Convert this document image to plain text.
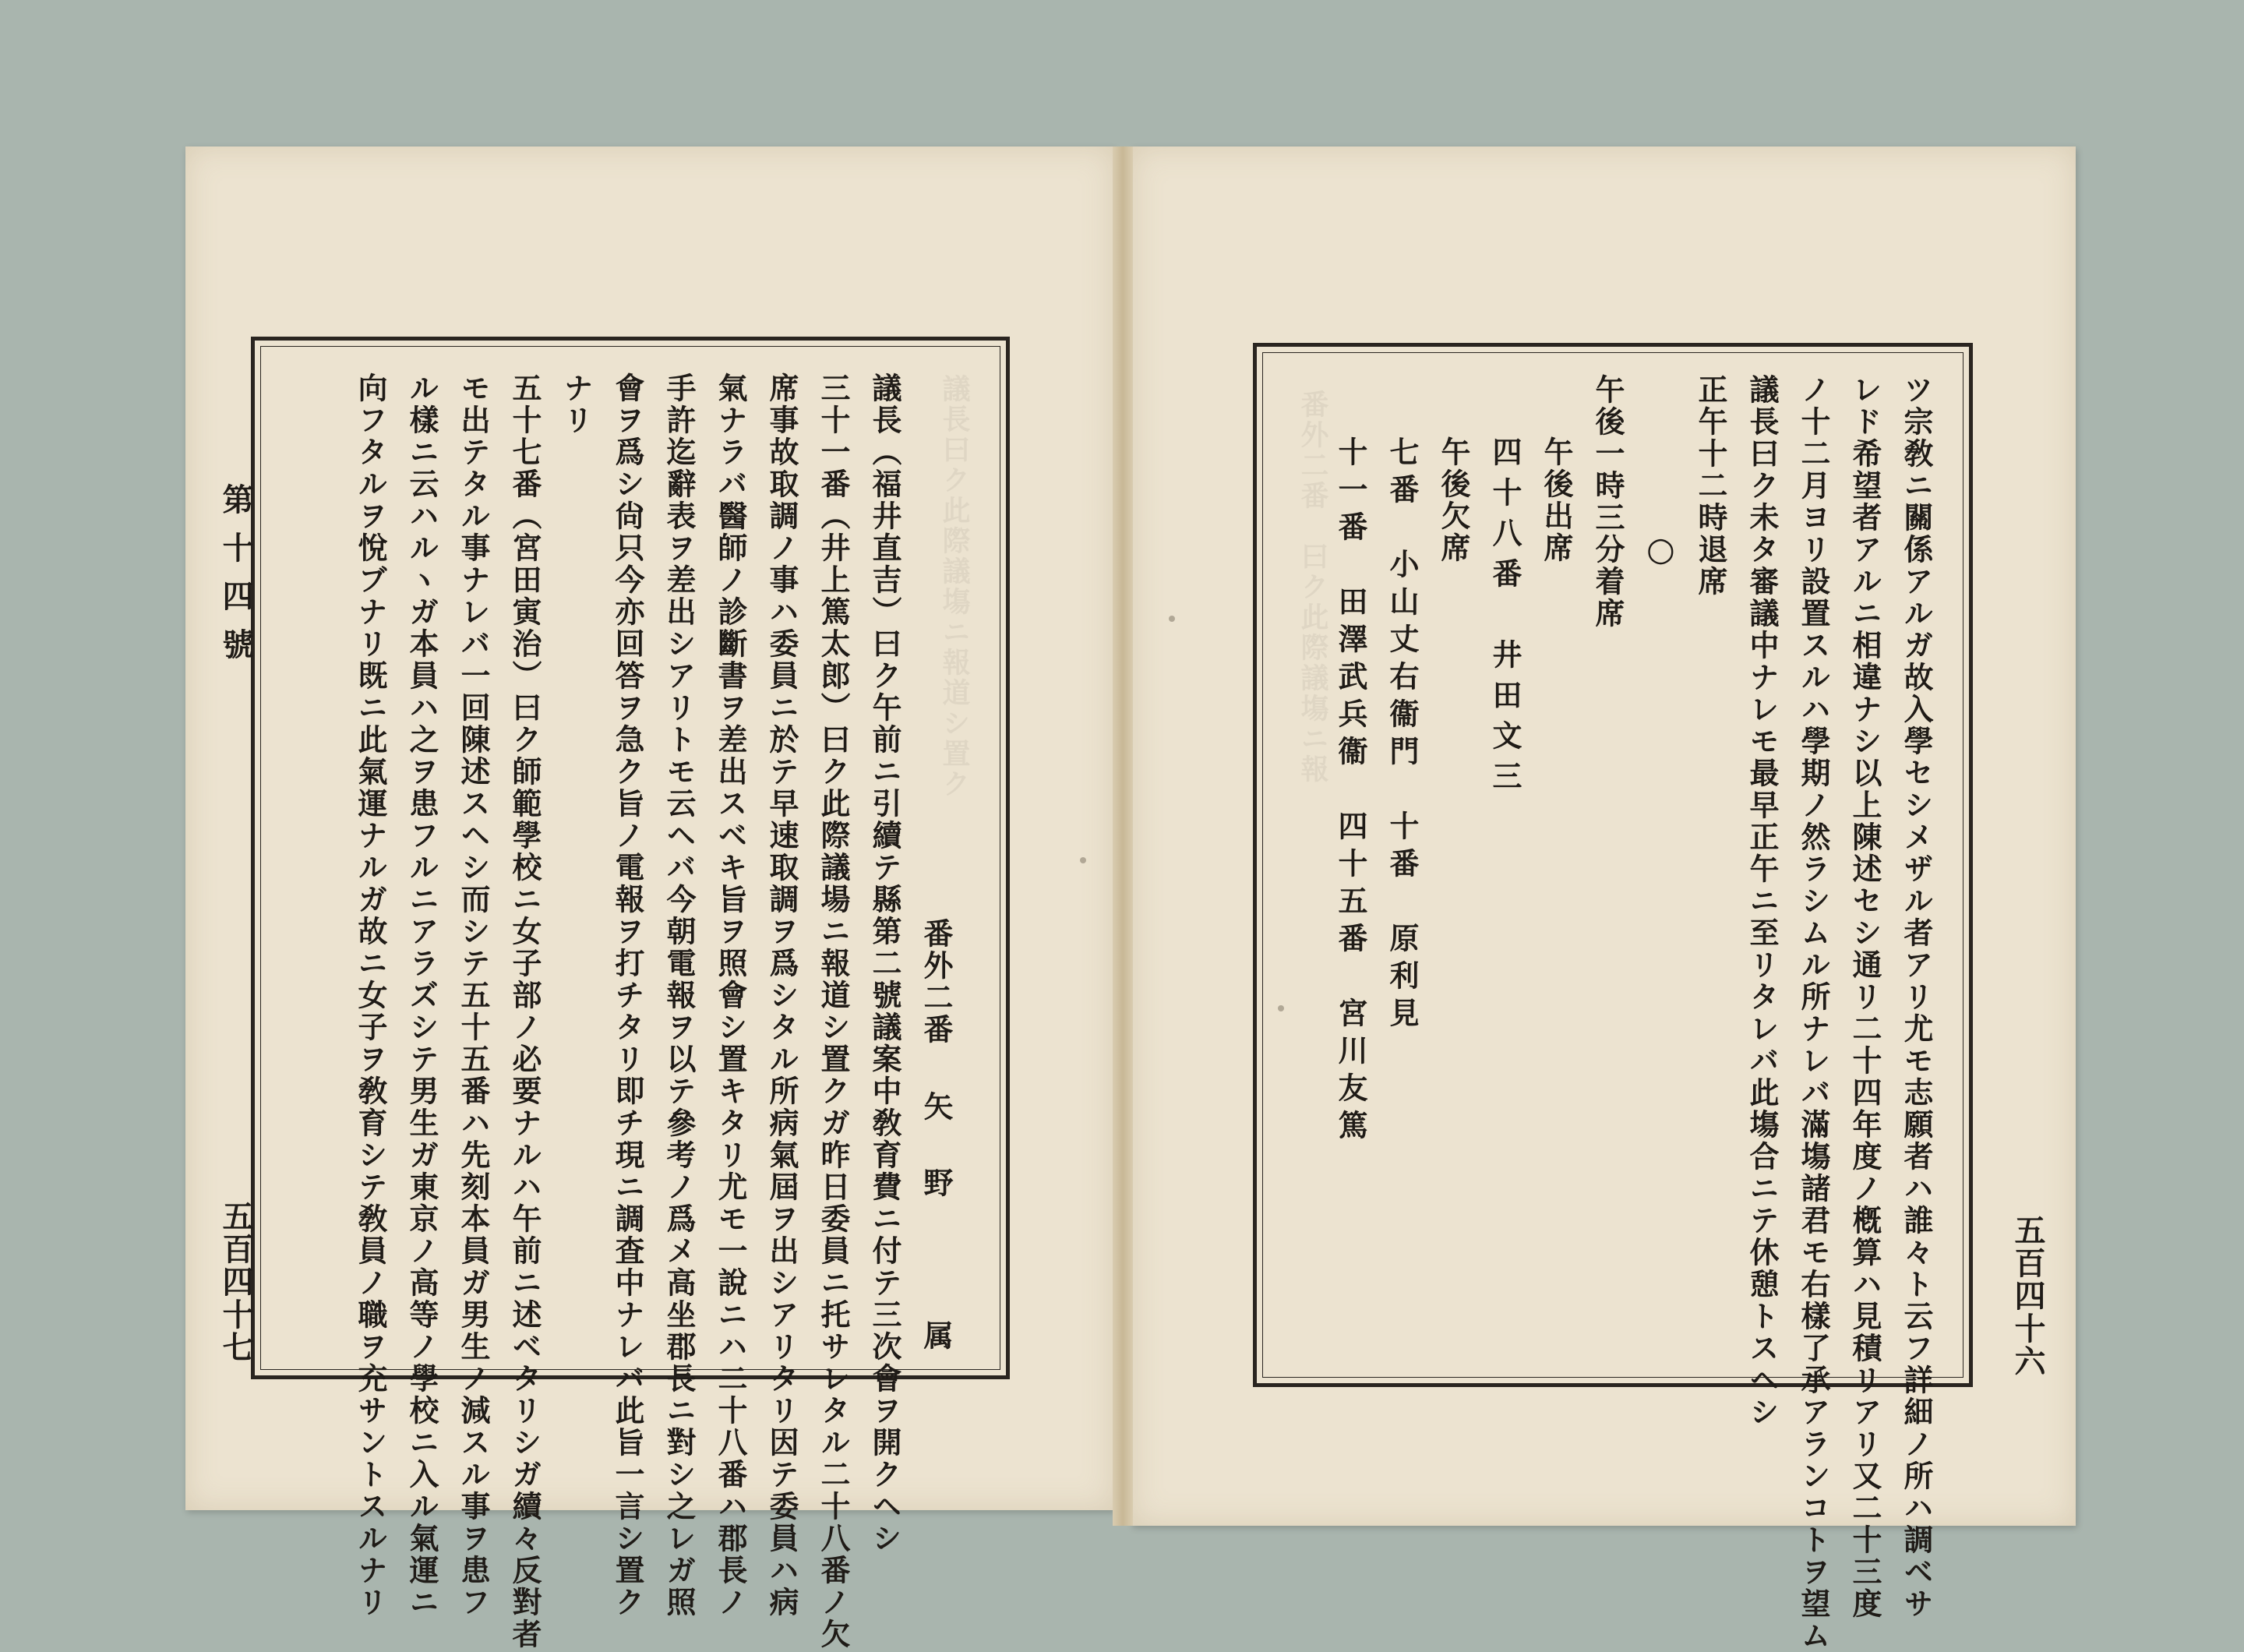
議長曰ク此際議塲ニ報道シ置ク	番外二番　曰ク此際議塲ニ報
第十四號
五百四十七
番外二番
矢野　属
議長（福井直吉）曰ク午前ニ引續テ縣第二號議案中敎育費ニ付テ三次會ヲ開クヘシ
三十一番（井上篤太郎）曰ク此際議場ニ報道シ置クガ昨日委員ニ托サレタル二十八番ノ欠
席事故取調ノ事ハ委員ニ於テ早速取調ヲ爲シタル所病氣屆ヲ出シアリタリ因テ委員ハ病
氣ナラバ醫師ノ診斷書ヲ差出スベキ旨ヲ照會シ置キタリ尤モ一說ニハ二十八番ハ郡長ノ
手許迄辭表ヲ差出シアリトモ云ヘバ今朝電報ヲ以テ參考ノ爲メ高坐郡長ニ對シ之レガ照
會ヲ爲シ尙只今亦回答ヲ急ク旨ノ電報ヲ打チタリ即チ現ニ調査中ナレバ此旨一言シ置ク
ナリ
五十七番（宮田寅治）曰ク師範學校ニ女子部ノ必要ナルハ午前ニ述ベタリシガ續々反對者
モ出テタル事ナレバ一回陳述スヘシ而シテ五十五番ハ先刻本員ガ男生ノ減スル事ヲ患フ
ル樣ニ云ハルヽガ本員ハ之ヲ患フルニアラズシテ男生ガ東京ノ高等ノ學校ニ入ル氣運ニ
向フタルヲ悅ブナリ既ニ此氣運ナルガ故ニ女子ヲ敎育シテ敎員ノ職ヲ充サントスルナリ	五百四十六
ツ宗敎ニ關係アルガ故入學セシメザル者アリ尤モ志願者ハ誰々ト云フ詳細ノ所ハ調ベサ
レド希望者アルニ相違ナシ以上陳述セシ通リ二十四年度ノ槪算ハ見積リアリ又二十三度
ノ十二月ヨリ設置スルハ學期ノ然ラシムル所ナレバ滿塲諸君モ右樣了承アランコトヲ望ム
議長曰ク未タ審議中ナレモ最早正午ニ至リタレバ此塲合ニテ休憩トスヘシ
正午十二時退席
○
午後一時三分着席
午後出席
四十八番　井田文三
午後欠席
七番　小山丈右衞門　十番　原利見
十一番　田澤武兵衞　四十五番　宮川友篤
